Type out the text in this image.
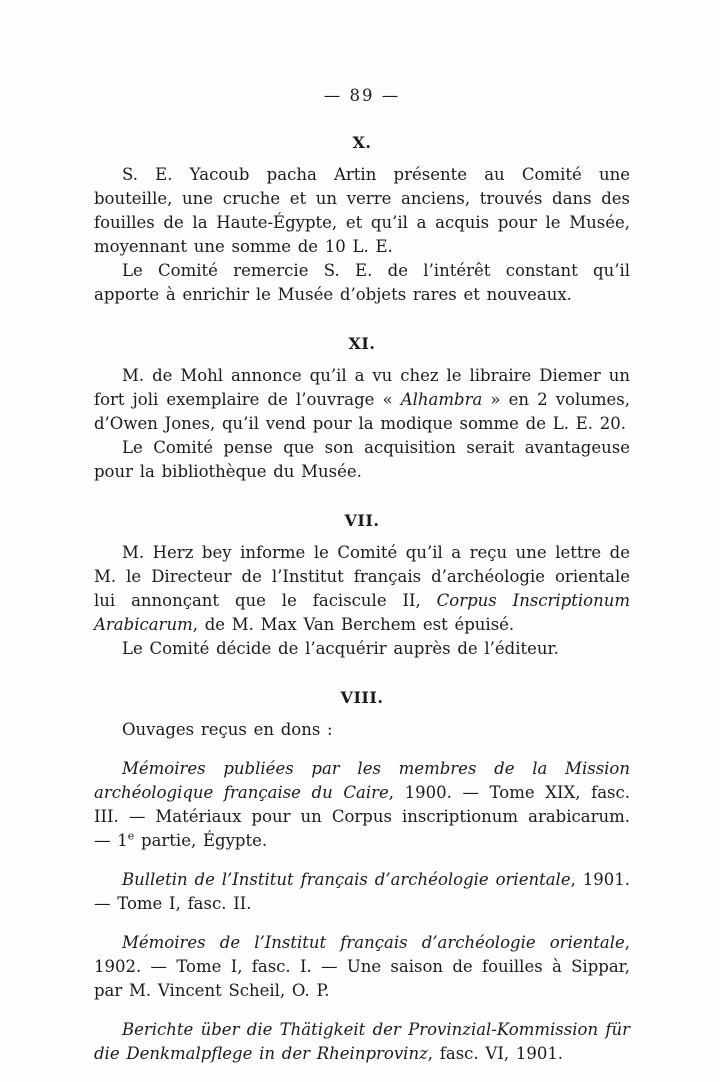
— 89 —
X.

S. E. Yacoub pacha Artin présente au Comité une bouteille, une cruche et un verre anciens, trouvés dans des fouilles de la Haute-Égypte, et qu’il a acquis pour le Musée, moyennant une somme de 10 L. E.

Le Comité remercie S. E. de l’intérêt constant qu’il apporte à enrichir le Musée d’objets rares et nouveaux.

XI.

M. de Mohl annonce qu’il a vu chez le libraire Diemer un fort joli exemplaire de l’ouvrage « Alhambra » en 2 volumes, d’Owen Jones, qu’il vend pour la modique somme de L. E. 20.

Le Comité pense que son acquisition serait avantageuse pour la bibliothèque du Musée.

VII.

M. Herz bey informe le Comité qu’il a reçu une lettre de M. le Directeur de l’Institut français d’archéologie orientale lui annonçant que le faciscule II, Corpus Inscriptionum Arabicarum, de M. Max Van Berchem est épuisé.

Le Comité décide de l’acquérir auprès de l’éditeur.

VIII.

Ouvages reçus en dons :

Mémoires publiées par les membres de la Mission archéologique française du Caire, 1900. — Tome XIX, fasc. III. — Matériaux pour un Corpus inscriptionum arabicarum. — 1e partie, Égypte.

Bulletin de l’Institut français d’archéologie orientale, 1901. — Tome I, fasc. II.

Mémoires de l’Institut français d’archéologie orientale, 1902. — Tome I, fasc. I. — Une saison de fouilles à Sippar, par M. Vincent Scheil, O. P.

Berichte über die Thätigkeit der Provinzial-Kommission für die Denkmalpflege in der Rheinprovinz, fasc. VI, 1901.
